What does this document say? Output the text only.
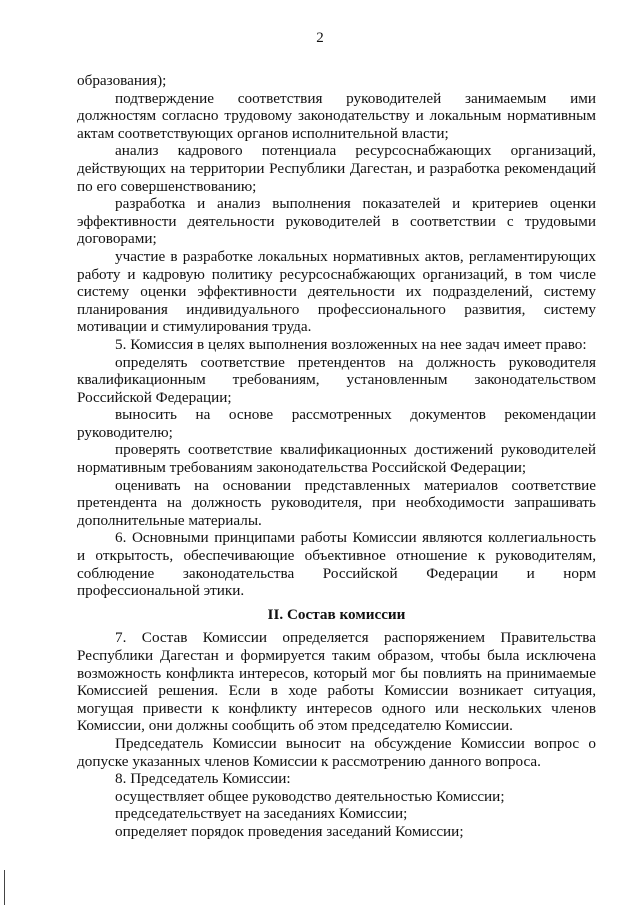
2

образования);

подтверждение соответствия руководителей занимаемым ими должностям согласно трудовому законодательству и локальным нормативным актам соответствующих органов исполнительной власти;

анализ кадрового потенциала ресурсоснабжающих организаций, действующих на территории Республики Дагестан, и разработка рекомендаций по его совершенствованию;

разработка и анализ выполнения показателей и критериев оценки эффективности деятельности руководителей в соответствии с трудовыми договорами;

участие в разработке локальных нормативных актов, регламентирующих работу и кадровую политику ресурсоснабжающих организаций, в том числе систему оценки эффективности деятельности их подразделений, систему планирования индивидуального профессионального развития, систему мотивации и стимулирования труда.

5. Комиссия в целях выполнения возложенных на нее задач имеет право:

определять соответствие претендентов на должность руководителя квалификационным требованиям, установленным законодательством Российской Федерации;

выносить на основе рассмотренных документов рекомендации руководителю;

проверять соответствие квалификационных достижений руководителей нормативным требованиям законодательства Российской Федерации;

оценивать на основании представленных материалов соответствие претендента на должность руководителя, при необходимости запрашивать дополнительные материалы.

6. Основными принципами работы Комиссии являются коллегиальность и открытость, обеспечивающие объективное отношение к руководителям, соблюдение законодательства Российской Федерации и норм профессиональной этики.

II. Состав комиссии

7. Состав Комиссии определяется распоряжением Правительства Республики Дагестан и формируется таким образом, чтобы была исключена возможность конфликта интересов, который мог бы повлиять на принимаемые Комиссией решения. Если в ходе работы Комиссии возникает ситуация, могущая привести к конфликту интересов одного или нескольких членов Комиссии, они должны сообщить об этом председателю Комиссии.

Председатель Комиссии выносит на обсуждение Комиссии вопрос о допуске указанных членов Комиссии к рассмотрению данного вопроса.

8. Председатель Комиссии:

осуществляет общее руководство деятельностью Комиссии;

председательствует на заседаниях Комиссии;

определяет порядок проведения заседаний Комиссии;
